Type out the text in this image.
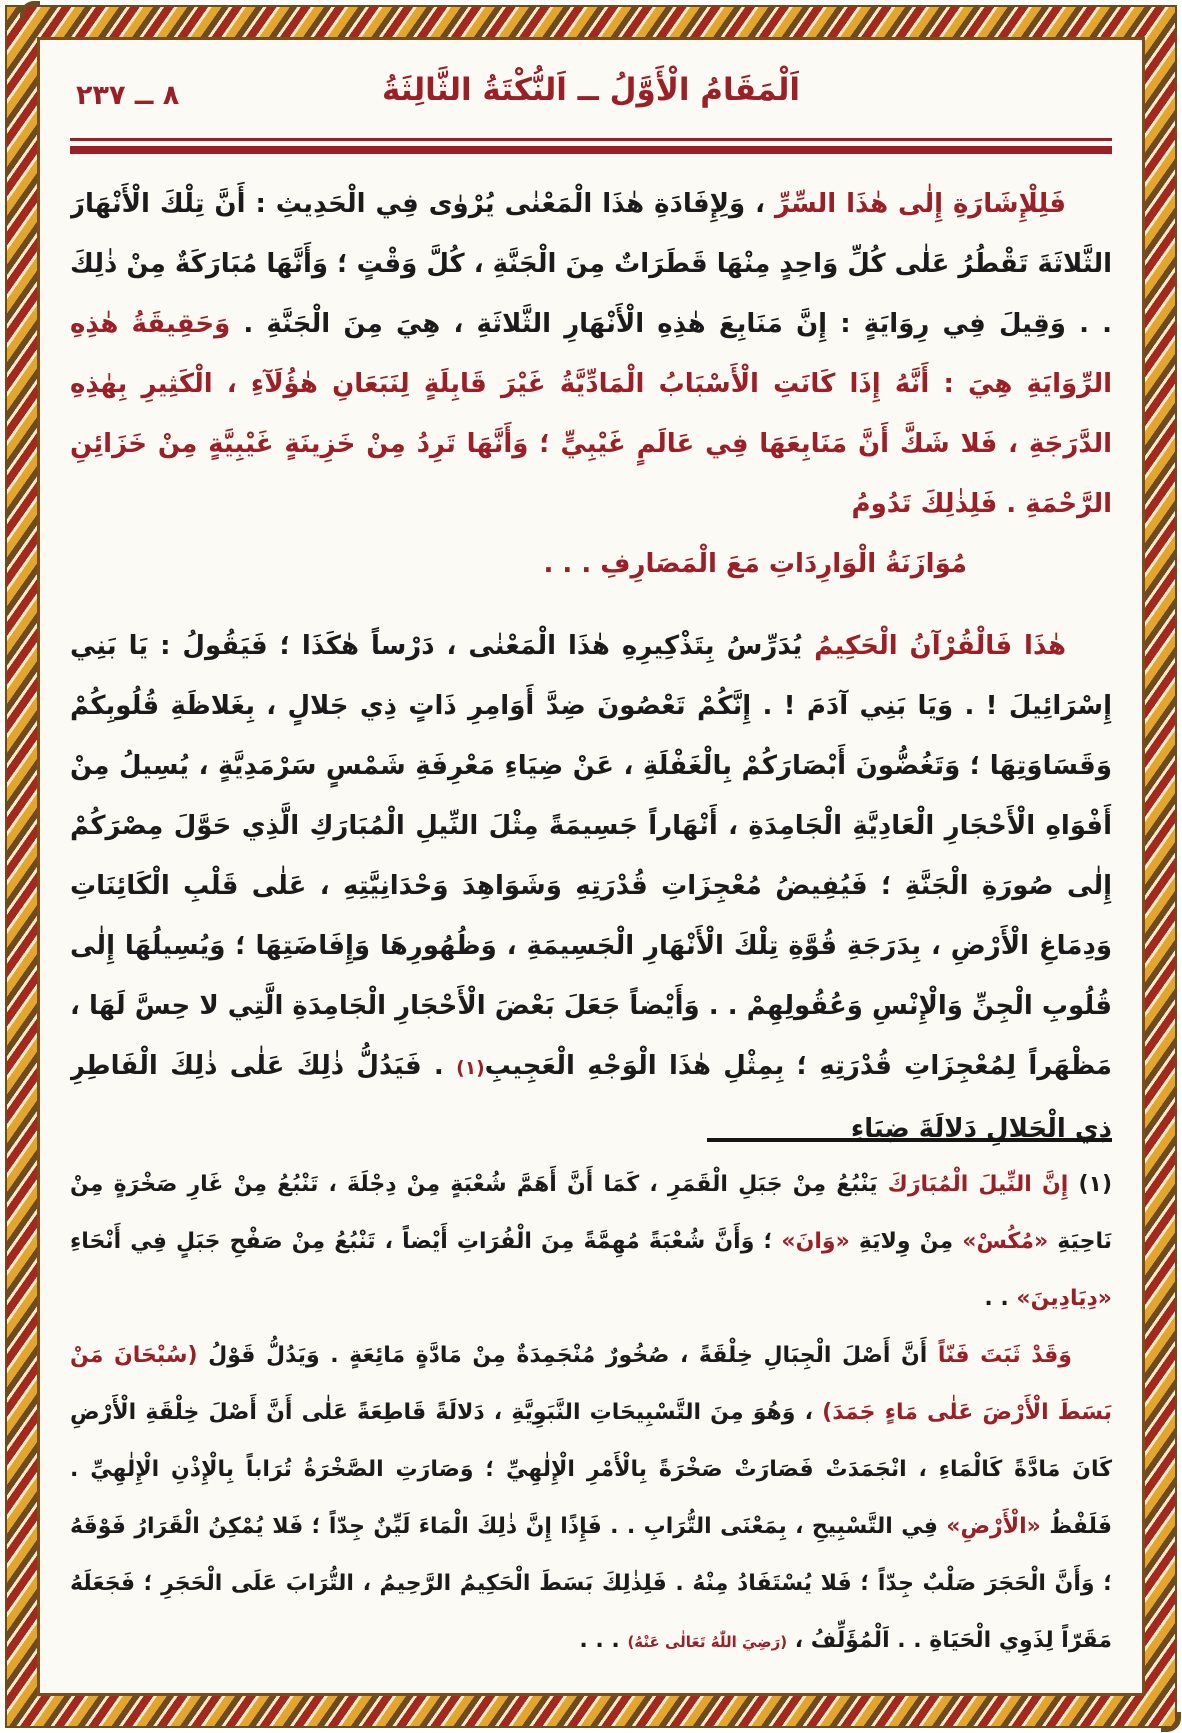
٨ ــ ٢٣٧	اَلْمَقَامُ الْأَوَّلُ ــ اَلنُّكْتَةُ الثَّالِثَةُ

فَلِلْإِشَارَةِ إِلٰى هٰذَا السِّرِّ ، وَلِإِفَادَةِ هٰذَا الْمَعْنٰى يُرْوٰى فِي الْحَدِيثِ : أَنَّ تِلْكَ الْأَنْهَارَ الثَّلاثَةَ تَقْطُرُ عَلٰى كُلِّ وَاحِدٍ مِنْهَا قَطَرَاتٌ مِنَ الْجَنَّةِ ، كُلَّ وَقْتٍ ؛ وَأَنَّهَا مُبَارَكَةٌ مِنْ ذٰلِكَ . . وَقِيلَ فِي رِوَايَةٍ : إِنَّ مَنَابِعَ هٰذِهِ الْأَنْهَارِ الثَّلاثَةِ ، هِيَ مِنَ الْجَنَّةِ . وَحَقِيقَةُ هٰذِهِ الرِّوَايَةِ هِيَ : أَنَّهُ إِذَا كَانَتِ الْأَسْبَابُ الْمَادِّيَّةُ غَيْرَ قَابِلَةٍ لِنَبَعَانِ هٰؤُلَآءِ ، الْكَثِيرِ بِهٰذِهِ الدَّرَجَةِ ، فَلا شَكَّ أَنَّ مَنَابِعَهَا فِي عَالَمٍ غَيْبِيٍّ ؛ وَأَنَّهَا تَرِدُ مِنْ خَزِينَةٍ غَيْبِيَّةٍ مِنْ خَزَائِنِ الرَّحْمَةِ . فَلِذٰلِكَ تَدُومُ

مُوَازَنَةُ الْوَارِدَاتِ مَعَ الْمَصَارِفِ . . .

هٰذَا فَالْقُرْآنُ الْحَكِيمُ يُدَرِّسُ بِتَذْكِيرِهِ هٰذَا الْمَعْنٰى ، دَرْساً هٰكَذَا ؛ فَيَقُولُ : يَا بَنِي إِسْرَائِيلَ ! . وَيَا بَنِي آدَمَ ! . إِنَّكُمْ تَعْصُونَ ضِدَّ أَوَامِرِ ذَاتٍ ذِي جَلالٍ ، بِغَلاظَةِ قُلُوبِكُمْ وَقَسَاوَتِهَا ؛ وَتَغُضُّونَ أَبْصَارَكُمْ بِالْغَفْلَةِ ، عَنْ ضِيَاءِ مَعْرِفَةِ شَمْسٍ سَرْمَدِيَّةٍ ، يُسِيلُ مِنْ أَفْوَاهِ الْأَحْجَارِ الْعَادِيَّةِ الْجَامِدَةِ ، أَنْهَاراً جَسِيمَةً مِثْلَ النِّيلِ الْمُبَارَكِ الَّذِي حَوَّلَ مِصْرَكُمْ إِلٰى صُورَةِ الْجَنَّةِ ؛ فَيُفِيضُ مُعْجِزَاتِ قُدْرَتِهِ وَشَوَاهِدَ وَحْدَانِيَّتِهِ ، عَلٰى قَلْبِ الْكَائِنَاتِ وَدِمَاغِ الْأَرْضِ ، بِدَرَجَةِ قُوَّةِ تِلْكَ الْأَنْهَارِ الْجَسِيمَةِ ، وَظُهُورِهَا وَإِفَاضَتِهَا ؛ وَيُسِيلُهَا إِلٰى قُلُوبِ الْجِنِّ وَالْإِنْسِ وَعُقُولِهِمْ . . وَأَيْضاً جَعَلَ بَعْضَ الْأَحْجَارِ الْجَامِدَةِ الَّتِي لا حِسَّ لَهَا ، مَظْهَراً لِمُعْجِزَاتِ قُدْرَتِهِ ؛ بِمِثْلِ هٰذَا الْوَجْهِ الْعَجِيبِ(١) . فَيَدُلُّ ذٰلِكَ عَلٰى ذٰلِكَ الْفَاطِرِ ذِي الْجَلالِ دَلالَةَ ضِيَاءِ

(١) إِنَّ النِّيلَ الْمُبَارَكَ يَنْبُعُ مِنْ جَبَلِ الْقَمَرِ ، كَمَا أَنَّ أَهَمَّ شُعْبَةٍ مِنْ دِجْلَةَ ، تَنْبُعُ مِنْ غَارِ صَخْرَةٍ مِنْ نَاحِيَةِ «مُكُسْ» مِنْ وِلايَةِ «وَانَ» ؛ وَأَنَّ شُعْبَةً مُهِمَّةً مِنَ الْفُرَاتِ أَيْضاً ، تَنْبُعُ مِنْ صَفْحِ جَبَلٍ فِي أَنْحَاءِ «دِيَادِينَ» . .

وَقَدْ ثَبَتَ فَنّاً أَنَّ أَصْلَ الْجِبَالِ خِلْقَةً ، صُخُورٌ مُنْجَمِدَةٌ مِنْ مَادَّةٍ مَائِعَةٍ . وَيَدُلُّ قَوْلُ (سُبْحَانَ مَنْ بَسَطَ الْأَرْضَ عَلٰى مَاءٍ جَمَدَ) ، وَهُوَ مِنَ التَّسْبِيحَاتِ النَّبَوِيَّةِ ، دَلالَةً قَاطِعَةً عَلٰى أَنَّ أَصْلَ خِلْقَةِ الْأَرْضِ كَانَ مَادَّةً كَالْمَاءِ ، انْجَمَدَتْ فَصَارَتْ صَخْرَةً بِالْأَمْرِ الْإِلٰهِيِّ ؛ وَصَارَتِ الصَّخْرَةُ تُرَاباً بِالْإِذْنِ الْإِلٰهِيِّ . فَلَفْظُ «الْأَرْضِ» فِي التَّسْبِيحِ ، بِمَعْنَى التُّرَابِ . . فَإِذًا إِنَّ ذٰلِكَ الْمَاءَ لَيِّنٌ جِدّاً ؛ فَلا يُمْكِنُ الْقَرَارُ فَوْقَهُ ؛ وَأَنَّ الْحَجَرَ صَلْبٌ جِدّاً ؛ فَلا يُسْتَفَادُ مِنْهُ . فَلِذٰلِكَ بَسَطَ الْحَكِيمُ الرَّحِيمُ ، التُّرَابَ عَلَى الْحَجَرِ ؛ فَجَعَلَهُ مَقَرّاً لِذَوِي الْحَيَاةِ . . اَلْمُؤَلِّفُ ، (رَضِيَ اللّٰهُ تَعَالٰى عَنْهُ) . . .
